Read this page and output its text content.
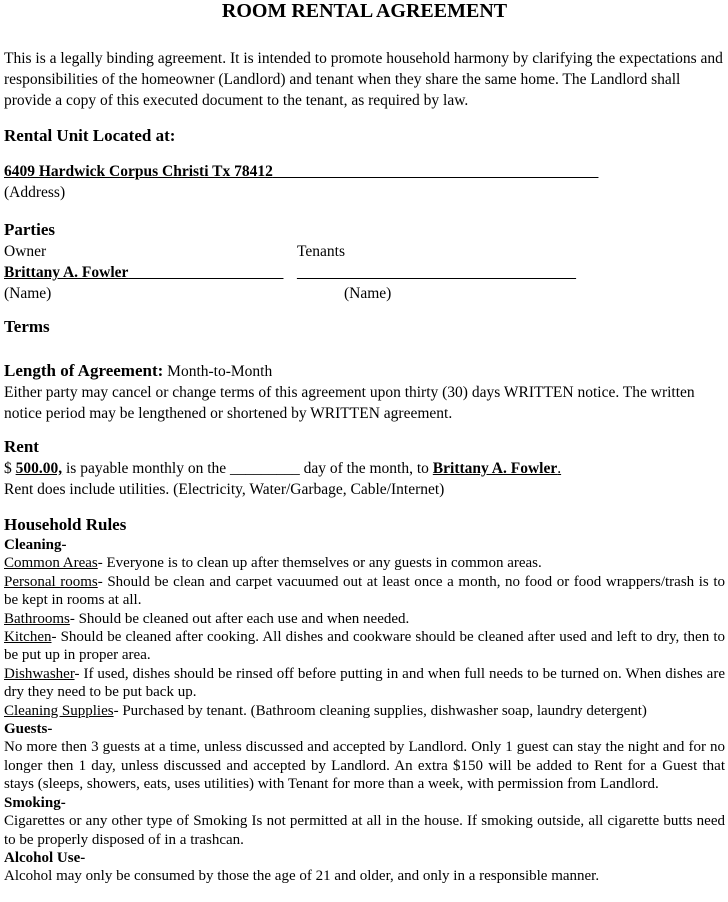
ROOM RENTAL AGREEMENT

This is a legally binding agreement. It is intended to promote household harmony by clarifying the expectations and responsibilities of the homeowner (Landlord) and tenant when they share the same home. The Landlord shall provide a copy of this executed document to the tenant, as required by law.

Rental Unit Located at:

6409 Hardwick Corpus Christi Tx 78412__________________________________________

(Address)

Parties
Owner	Tenants
Brittany A. Fowler____________________ ____________________________________
(Name)	(Name)
Terms

Length of Agreement: Month-to-Month

Either party may cancel or change terms of this agreement upon thirty (30) days WRITTEN notice. The written notice period may be lengthened or shortened by WRITTEN agreement.

Rent

$ 500.00, is payable monthly on the _________ day of the month, to Brittany A. Fowler.

Rent does include utilities. (Electricity, Water/Garbage, Cable/Internet)

Household Rules

Cleaning-

Common Areas- Everyone is to clean up after themselves or any guests in common areas.

Personal rooms- Should be clean and carpet vacuumed out at least once a month, no food or food wrappers/trash is to be kept in rooms at all.

Bathrooms- Should be cleaned out after each use and when needed.

Kitchen- Should be cleaned after cooking. All dishes and cookware should be cleaned after used and left to dry, then to be put up in proper area.

Dishwasher- If used, dishes should be rinsed off before putting in and when full needs to be turned on. When dishes are dry they need to be put back up.

Cleaning Supplies- Purchased by tenant. (Bathroom cleaning supplies, dishwasher soap, laundry detergent)

Guests-

No more then 3 guests at a time, unless discussed and accepted by Landlord. Only 1 guest can stay the night and for no longer then 1 day, unless discussed and accepted by Landlord. An extra $150 will be added to Rent for a Guest that stays (sleeps, showers, eats, uses utilities) with Tenant for more than a week, with permission from Landlord.

Smoking-

Cigarettes or any other type of Smoking Is not permitted at all in the house. If smoking outside, all cigarette butts need to be properly disposed of in a trashcan.

Alcohol Use-

Alcohol may only be consumed by those the age of 21 and older, and only in a responsible manner.
